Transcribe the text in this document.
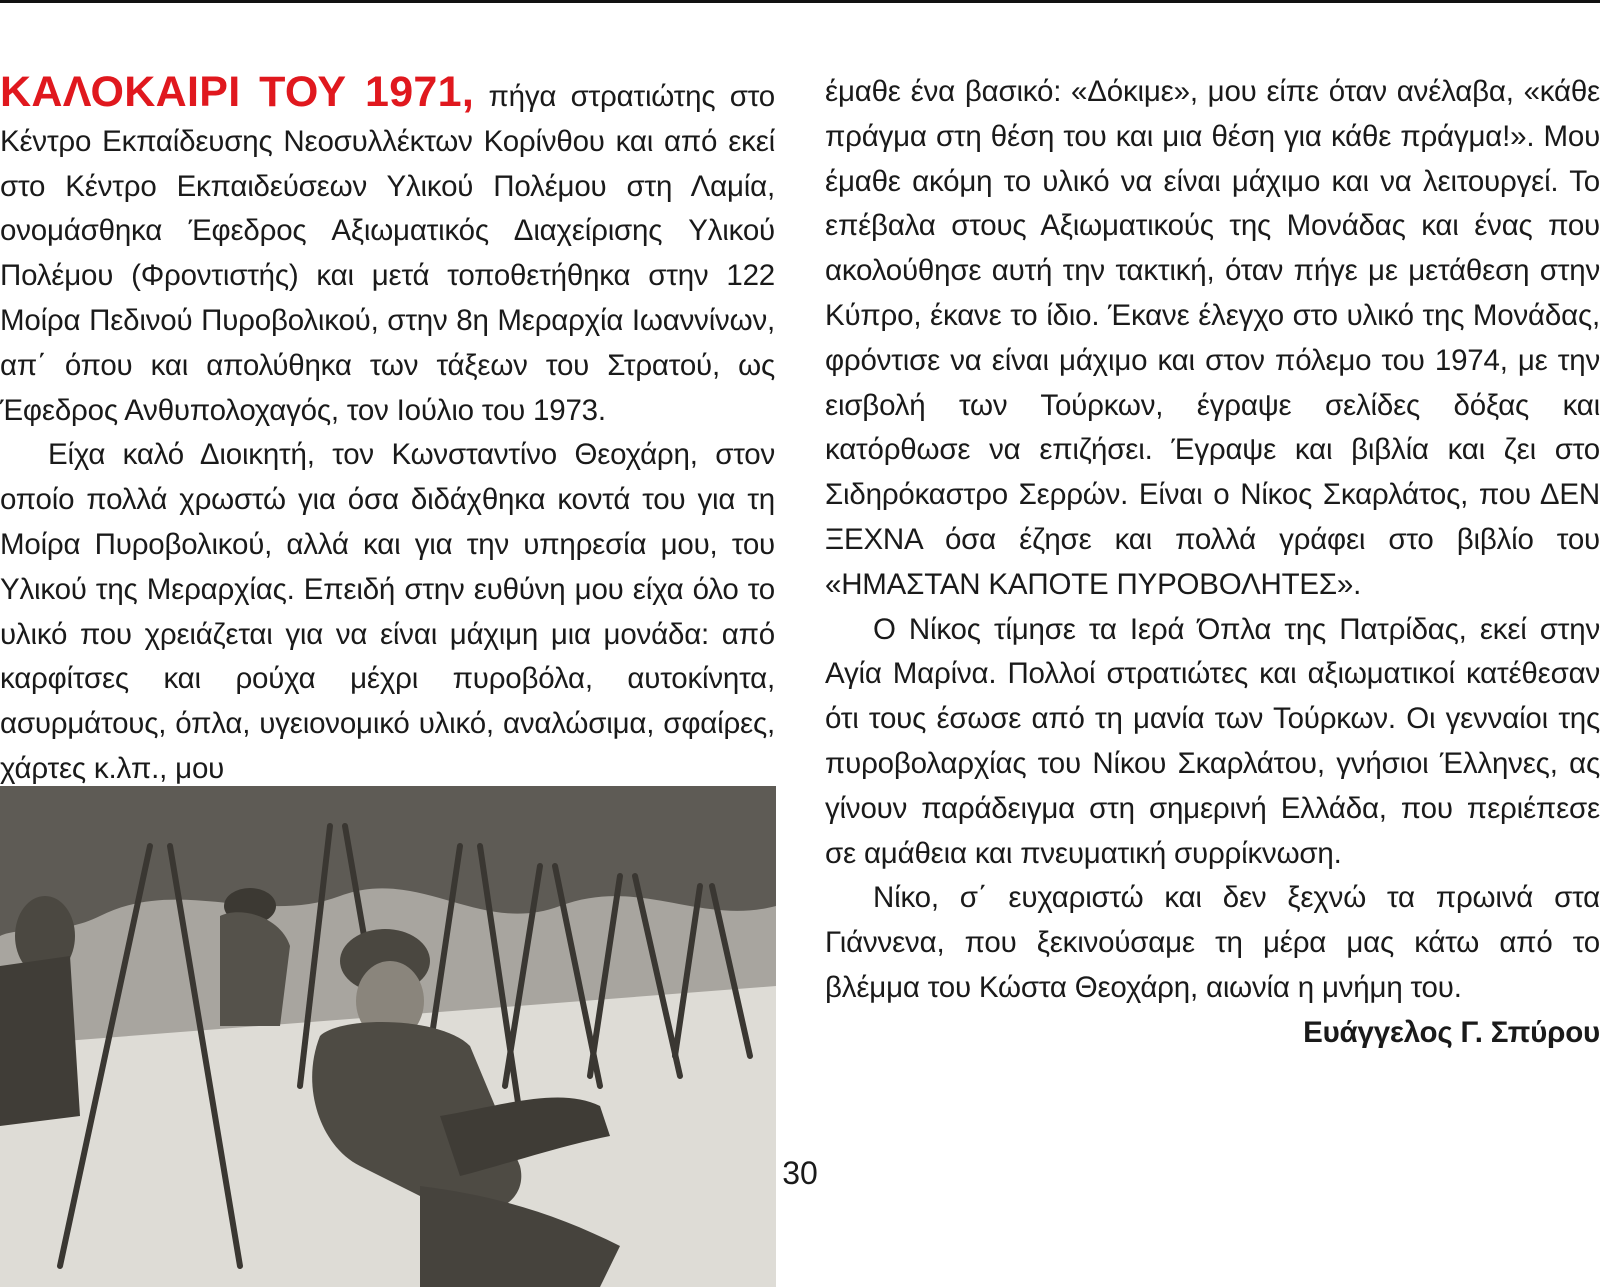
ΚΑΛΟΚΑΙΡΙ ΤΟΥ 1971, πήγα στρατιώτης στο Κέντρο Εκπαίδευσης Νεοσυλλέκτων Κορίνθου και από εκεί στο Κέντρο Εκπαιδεύσεων Υλικού Πολέμου στη Λαμία, ονομάσθηκα Έφεδρος Αξιωματικός Διαχείρισης Υλικού Πολέμου (Φροντιστής) και μετά τοποθετήθηκα στην 122 Μοίρα Πεδινού Πυροβολικού, στην 8η Μεραρχία Ιωαννίνων, απ΄ όπου και απολύθηκα των τάξεων του Στρατού, ως Έφεδρος Ανθυπολοχαγός, τον Ιούλιο του 1973.

Είχα καλό Διοικητή, τον Κωνσταντίνο Θεοχάρη, στον οποίο πολλά χρωστώ για όσα διδάχθηκα κοντά του για τη Μοίρα Πυροβολικού, αλλά και για την υπηρεσία μου, του Υλικού της Μεραρχίας. Επειδή στην ευθύνη μου είχα όλο το υλικό που χρειάζεται για να είναι μάχιμη μια μονάδα: από καρφίτσες και ρούχα μέχρι πυροβόλα, αυτοκίνητα, ασυρμάτους, όπλα, υγειονομικό υλικό, αναλώσιμα, σφαίρες, χάρτες κ.λπ., μου

έμαθε ένα βασικό: «Δόκιμε», μου είπε όταν ανέλαβα, «κάθε πράγμα στη θέση του και μια θέση για κάθε πράγμα!». Μου έμαθε ακόμη το υλικό να είναι μάχιμο και να λειτουργεί. Το επέβαλα στους Αξιωματικούς της Μονάδας και ένας που ακολούθησε αυτή την τακτική, όταν πήγε με μετάθεση στην Κύπρο, έκανε το ίδιο. Έκανε έλεγχο στο υλικό της Μονάδας, φρόντισε να είναι μάχιμο και στον πόλεμο του 1974, με την εισβολή των Τούρκων, έγραψε σελίδες δόξας και κατόρθωσε να επιζήσει. Έγραψε και βιβλία και ζει στο Σιδηρόκαστρο Σερρών. Είναι ο Νίκος Σκαρλάτος, που ΔΕΝ ΞΕΧΝΑ όσα έζησε και πολλά γράφει στο βιβλίο του «ΗΜΑΣΤΑΝ ΚΑΠΟΤΕ ΠΥΡΟΒΟΛΗΤΕΣ».

Ο Νίκος τίμησε τα Ιερά Όπλα της Πατρίδας, εκεί στην Αγία Μαρίνα. Πολλοί στρατιώτες και αξιωματικοί κατέθεσαν ότι τους έσωσε από τη μανία των Τούρκων. Οι γενναίοι της πυροβολαρχίας του Νίκου Σκαρλάτου, γνήσιοι Έλληνες, ας γίνουν παράδειγμα στη σημερινή Ελλάδα, που περιέπεσε σε αμάθεια και πνευματική συρρίκνωση.

Νίκο, σ΄ ευχαριστώ και δεν ξεχνώ τα πρωινά στα Γιάννενα, που ξεκινούσαμε τη μέρα μας κάτω από το βλέμμα του Κώστα Θεοχάρη, αιωνία η μνήμη του.

Ευάγγελος Γ. Σπύρου

30
